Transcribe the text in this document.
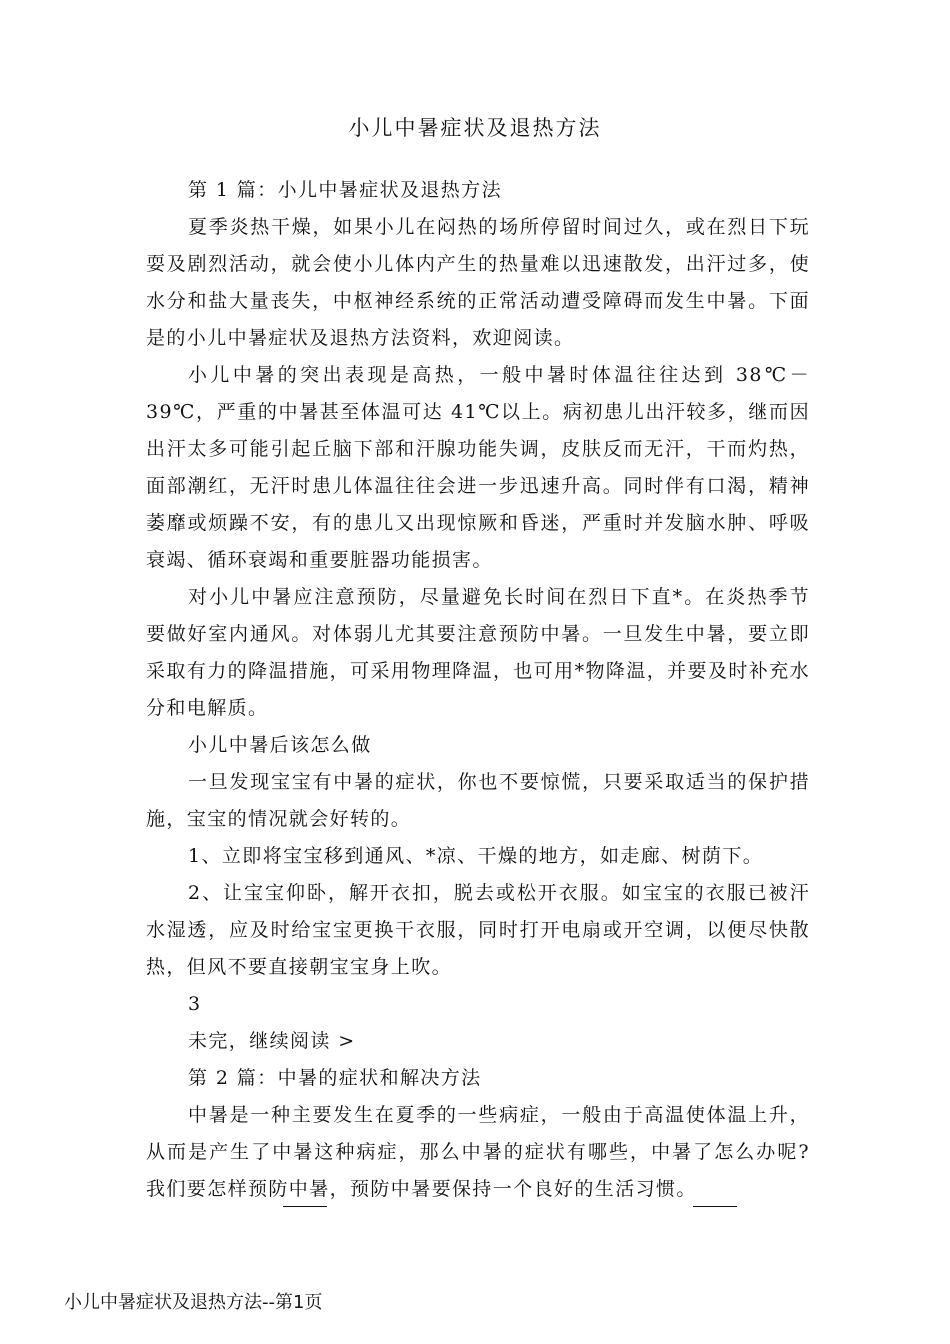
小儿中暑症状及退热方法

第 1 篇：小儿中暑症状及退热方法

夏季炎热干燥，如果小儿在闷热的场所停留时间过久，或在烈日下玩耍及剧烈活动，就会使小儿体内产生的热量难以迅速散发，出汗过多，使水分和盐大量丧失，中枢神经系统的正常活动遭受障碍而发生中暑。下面是的小儿中暑症状及退热方法资料，欢迎阅读。

小儿中暑的突出表现是高热，一般中暑时体温往往达到 38℃－39℃，严重的中暑甚至体温可达 41℃以上。病初患儿出汗较多，继而因出汗太多可能引起丘脑下部和汗腺功能失调，皮肤反而无汗，干而灼热，面部潮红，无汗时患儿体温往往会进一步迅速升高。同时伴有口渴，精神萎靡或烦躁不安，有的患儿又出现惊厥和昏迷，严重时并发脑水肿、呼吸衰竭、循环衰竭和重要脏器功能损害。

对小儿中暑应注意预防，尽量避免长时间在烈日下直*。在炎热季节要做好室内通风。对体弱儿尤其要注意预防中暑。一旦发生中暑，要立即采取有力的降温措施，可采用物理降温，也可用*物降温，并要及时补充水分和电解质。

小儿中暑后该怎么做

一旦发现宝宝有中暑的症状，你也不要惊慌，只要采取适当的保护措施，宝宝的情况就会好转的。

1、立即将宝宝移到通风、*凉、干燥的地方，如走廊、树荫下。

2、让宝宝仰卧，解开衣扣，脱去或松开衣服。如宝宝的衣服已被汗水湿透，应及时给宝宝更换干衣服，同时打开电扇或开空调，以便尽快散热，但风不要直接朝宝宝身上吹。

3

未完，继续阅读 >

第 2 篇：中暑的症状和解决方法

中暑是一种主要发生在夏季的一些病症，一般由于高温使体温上升，从而是产生了中暑这种病症，那么中暑的症状有哪些，中暑了怎么办呢?我们要怎样预防中暑，预防中暑要保持一个良好的生活习惯。

小儿中暑症状及退热方法--第1页
